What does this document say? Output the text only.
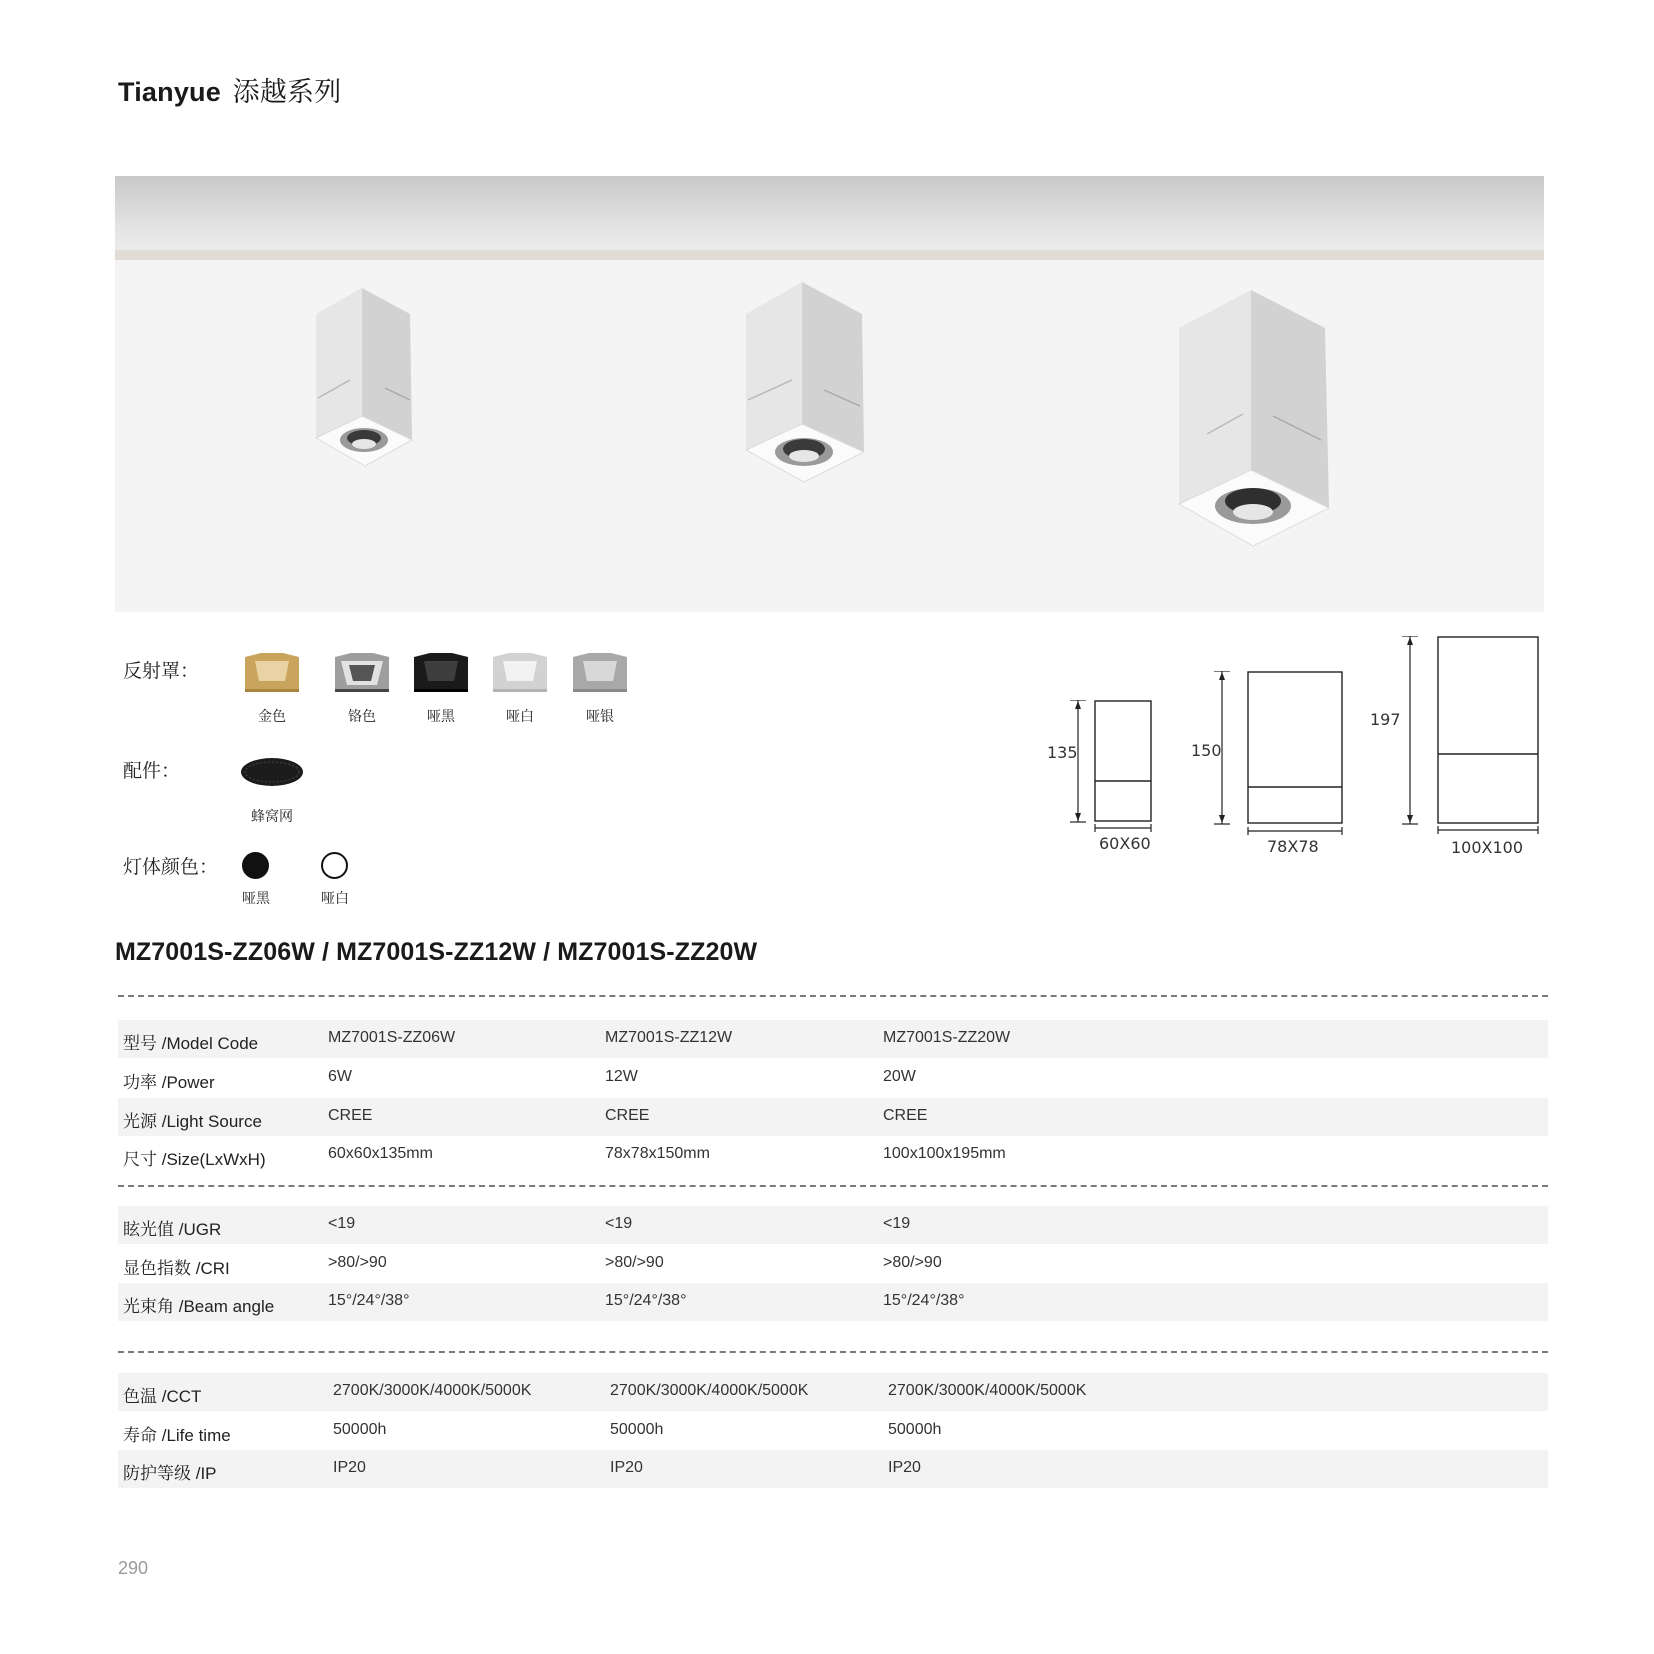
Tianyue 添越系列
反射罩：
金色	铬色	哑黑	哑白	哑银
配件：
蜂窝网
灯体颜色：
哑黑	哑白
135
60X60
150
78X78
197
100X100
MZ7001S-ZZ06W / MZ7001S-ZZ12W / MZ7001S-ZZ20W
型号 /Model Code	MZ7001S-ZZ06W	MZ7001S-ZZ12W	MZ7001S-ZZ20W
功率 /Power	6W	12W	20W
光源 /Light Source	CREE	CREE	CREE
尺寸 /Size(LxWxH)	60x60x135mm	78x78x150mm	100x100x195mm
眩光值 /UGR	<19	<19	<19
显色指数 /CRI	>80/>90	>80/>90	>80/>90
光束角 /Beam angle	15°/24°/38°	15°/24°/38°	15°/24°/38°
色温 /CCT	2700K/3000K/4000K/5000K	2700K/3000K/4000K/5000K	2700K/3000K/4000K/5000K
寿命 /Life time	50000h	50000h	50000h
防护等级 /IP	IP20	IP20	IP20
290
